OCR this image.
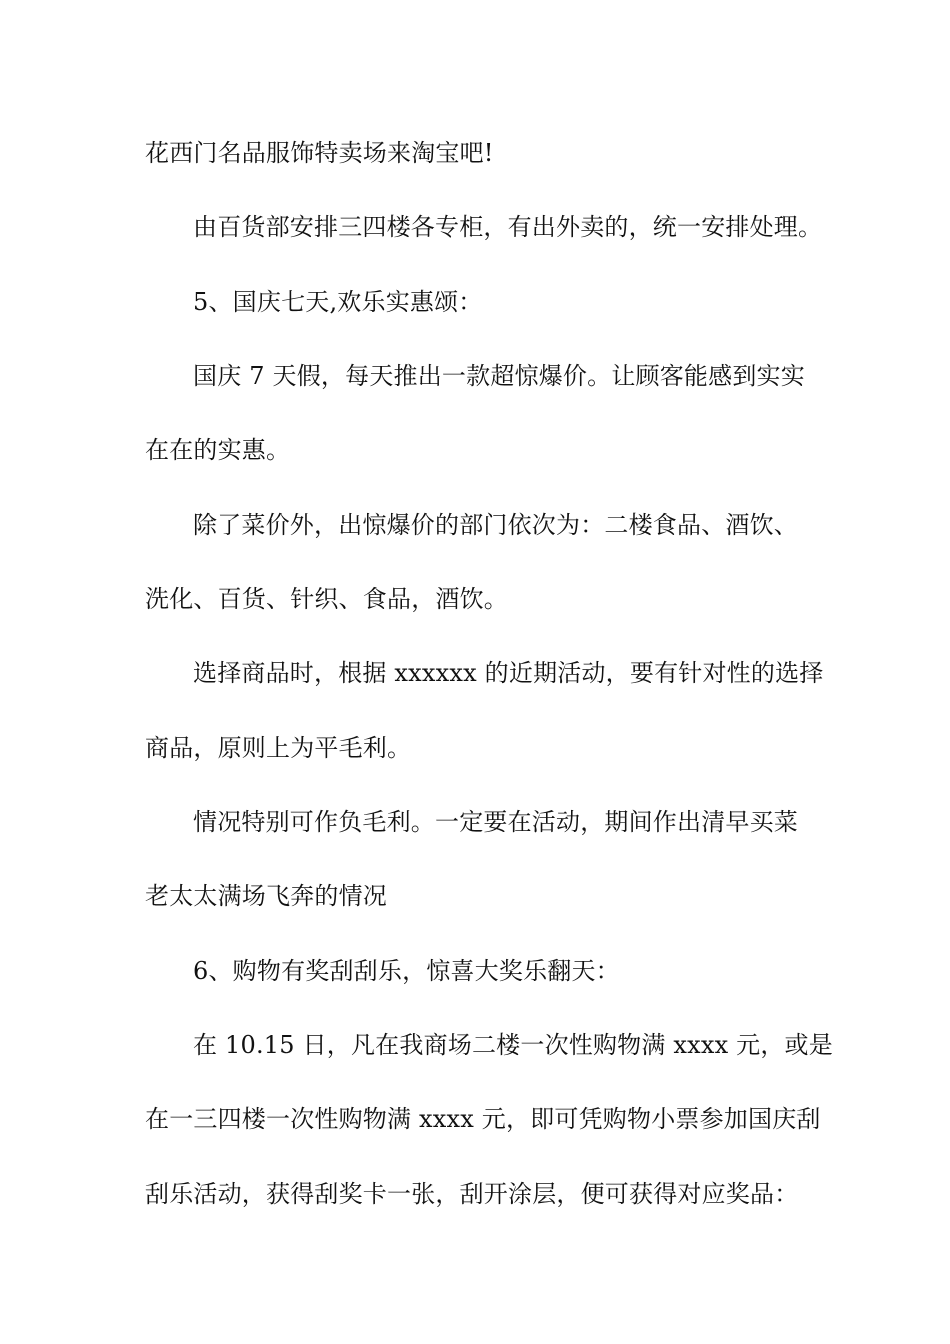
花西门名品服饰特卖场来淘宝吧!
由百货部安排三四楼各专柜，有出外卖的，统一安排处理。
5、国庆七天,欢乐实惠颂：
国庆 7 天假，每天推出一款超惊爆价。让顾客能感到实实
在在的实惠。
除了菜价外，出惊爆价的部门依次为：二楼食品、酒饮、
洗化、百货、针织、食品，酒饮。
选择商品时，根据 xxxxxx 的近期活动，要有针对性的选择
商品，原则上为平毛利。
情况特别可作负毛利。一定要在活动，期间作出清早买菜
老太太满场飞奔的情况
6、购物有奖刮刮乐，惊喜大奖乐翻天：
在 10.15 日，凡在我商场二楼一次性购物满 xxxx 元，或是
在一三四楼一次性购物满 xxxx 元，即可凭购物小票参加国庆刮
刮乐活动，获得刮奖卡一张，刮开涂层，便可获得对应奖品：
